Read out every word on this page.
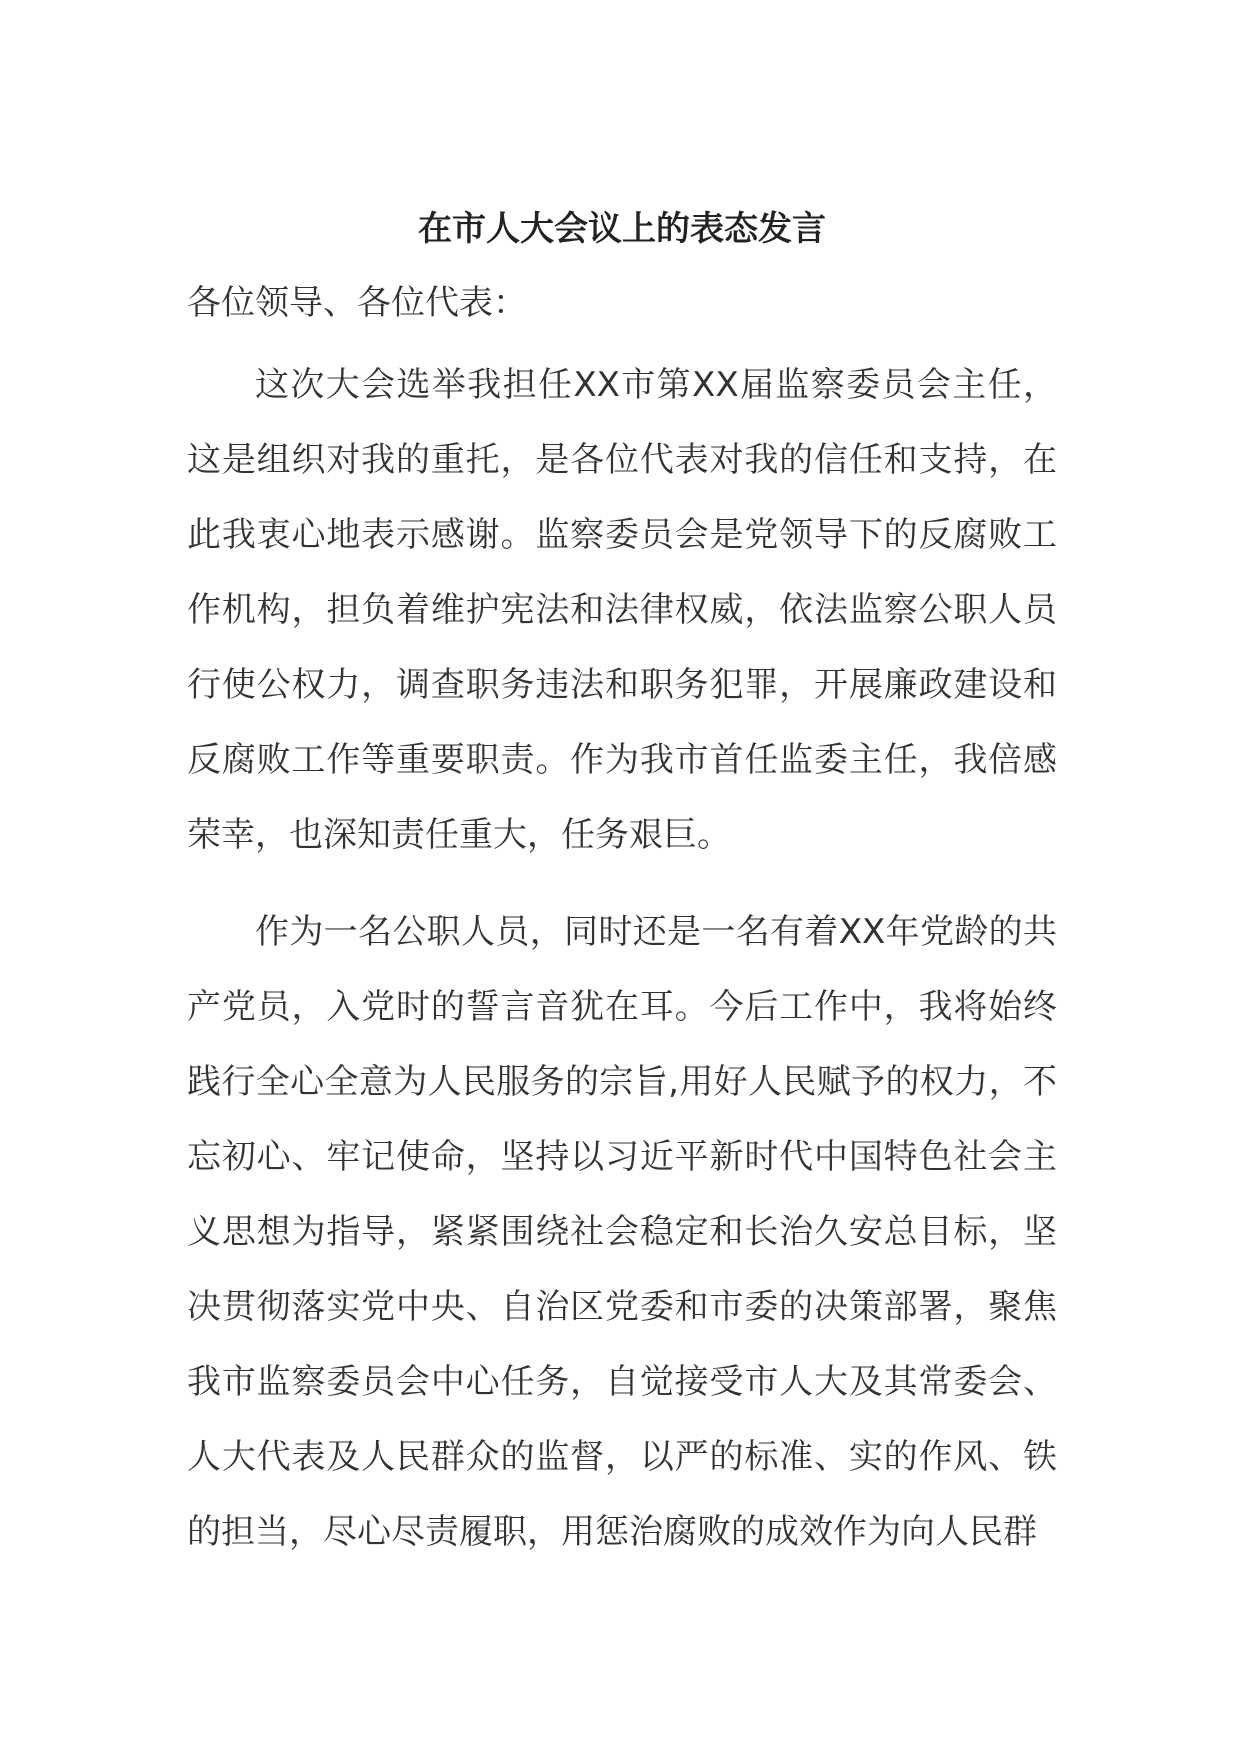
在市人大会议上的表态发言

各位领导、各位代表：

这次大会选举我担任XX市第XX届监察委员会主任，这是组织对我的重托，是各位代表对我的信任和支持，在此我衷心地表示感谢。监察委员会是党领导下的反腐败工作机构，担负着维护宪法和法律权威，依法监察公职人员行使公权力，调查职务违法和职务犯罪，开展廉政建设和反腐败工作等重要职责。作为我市首任监委主任，我倍感荣幸，也深知责任重大，任务艰巨。

作为一名公职人员，同时还是一名有着XX年党龄的共产党员，入党时的誓言音犹在耳。今后工作中，我将始终践行全心全意为人民服务的宗旨,用好人民赋予的权力，不忘初心、牢记使命，坚持以习近平新时代中国特色社会主义思想为指导，紧紧围绕社会稳定和长治久安总目标，坚决贯彻落实党中央、自治区党委和市委的决策部署，聚焦我市监察委员会中心任务，自觉接受市人大及其常委会、人大代表及人民群众的监督，以严的标准、实的作风、铁的担当，尽心尽责履职，用惩治腐败的成效作为向人民群
